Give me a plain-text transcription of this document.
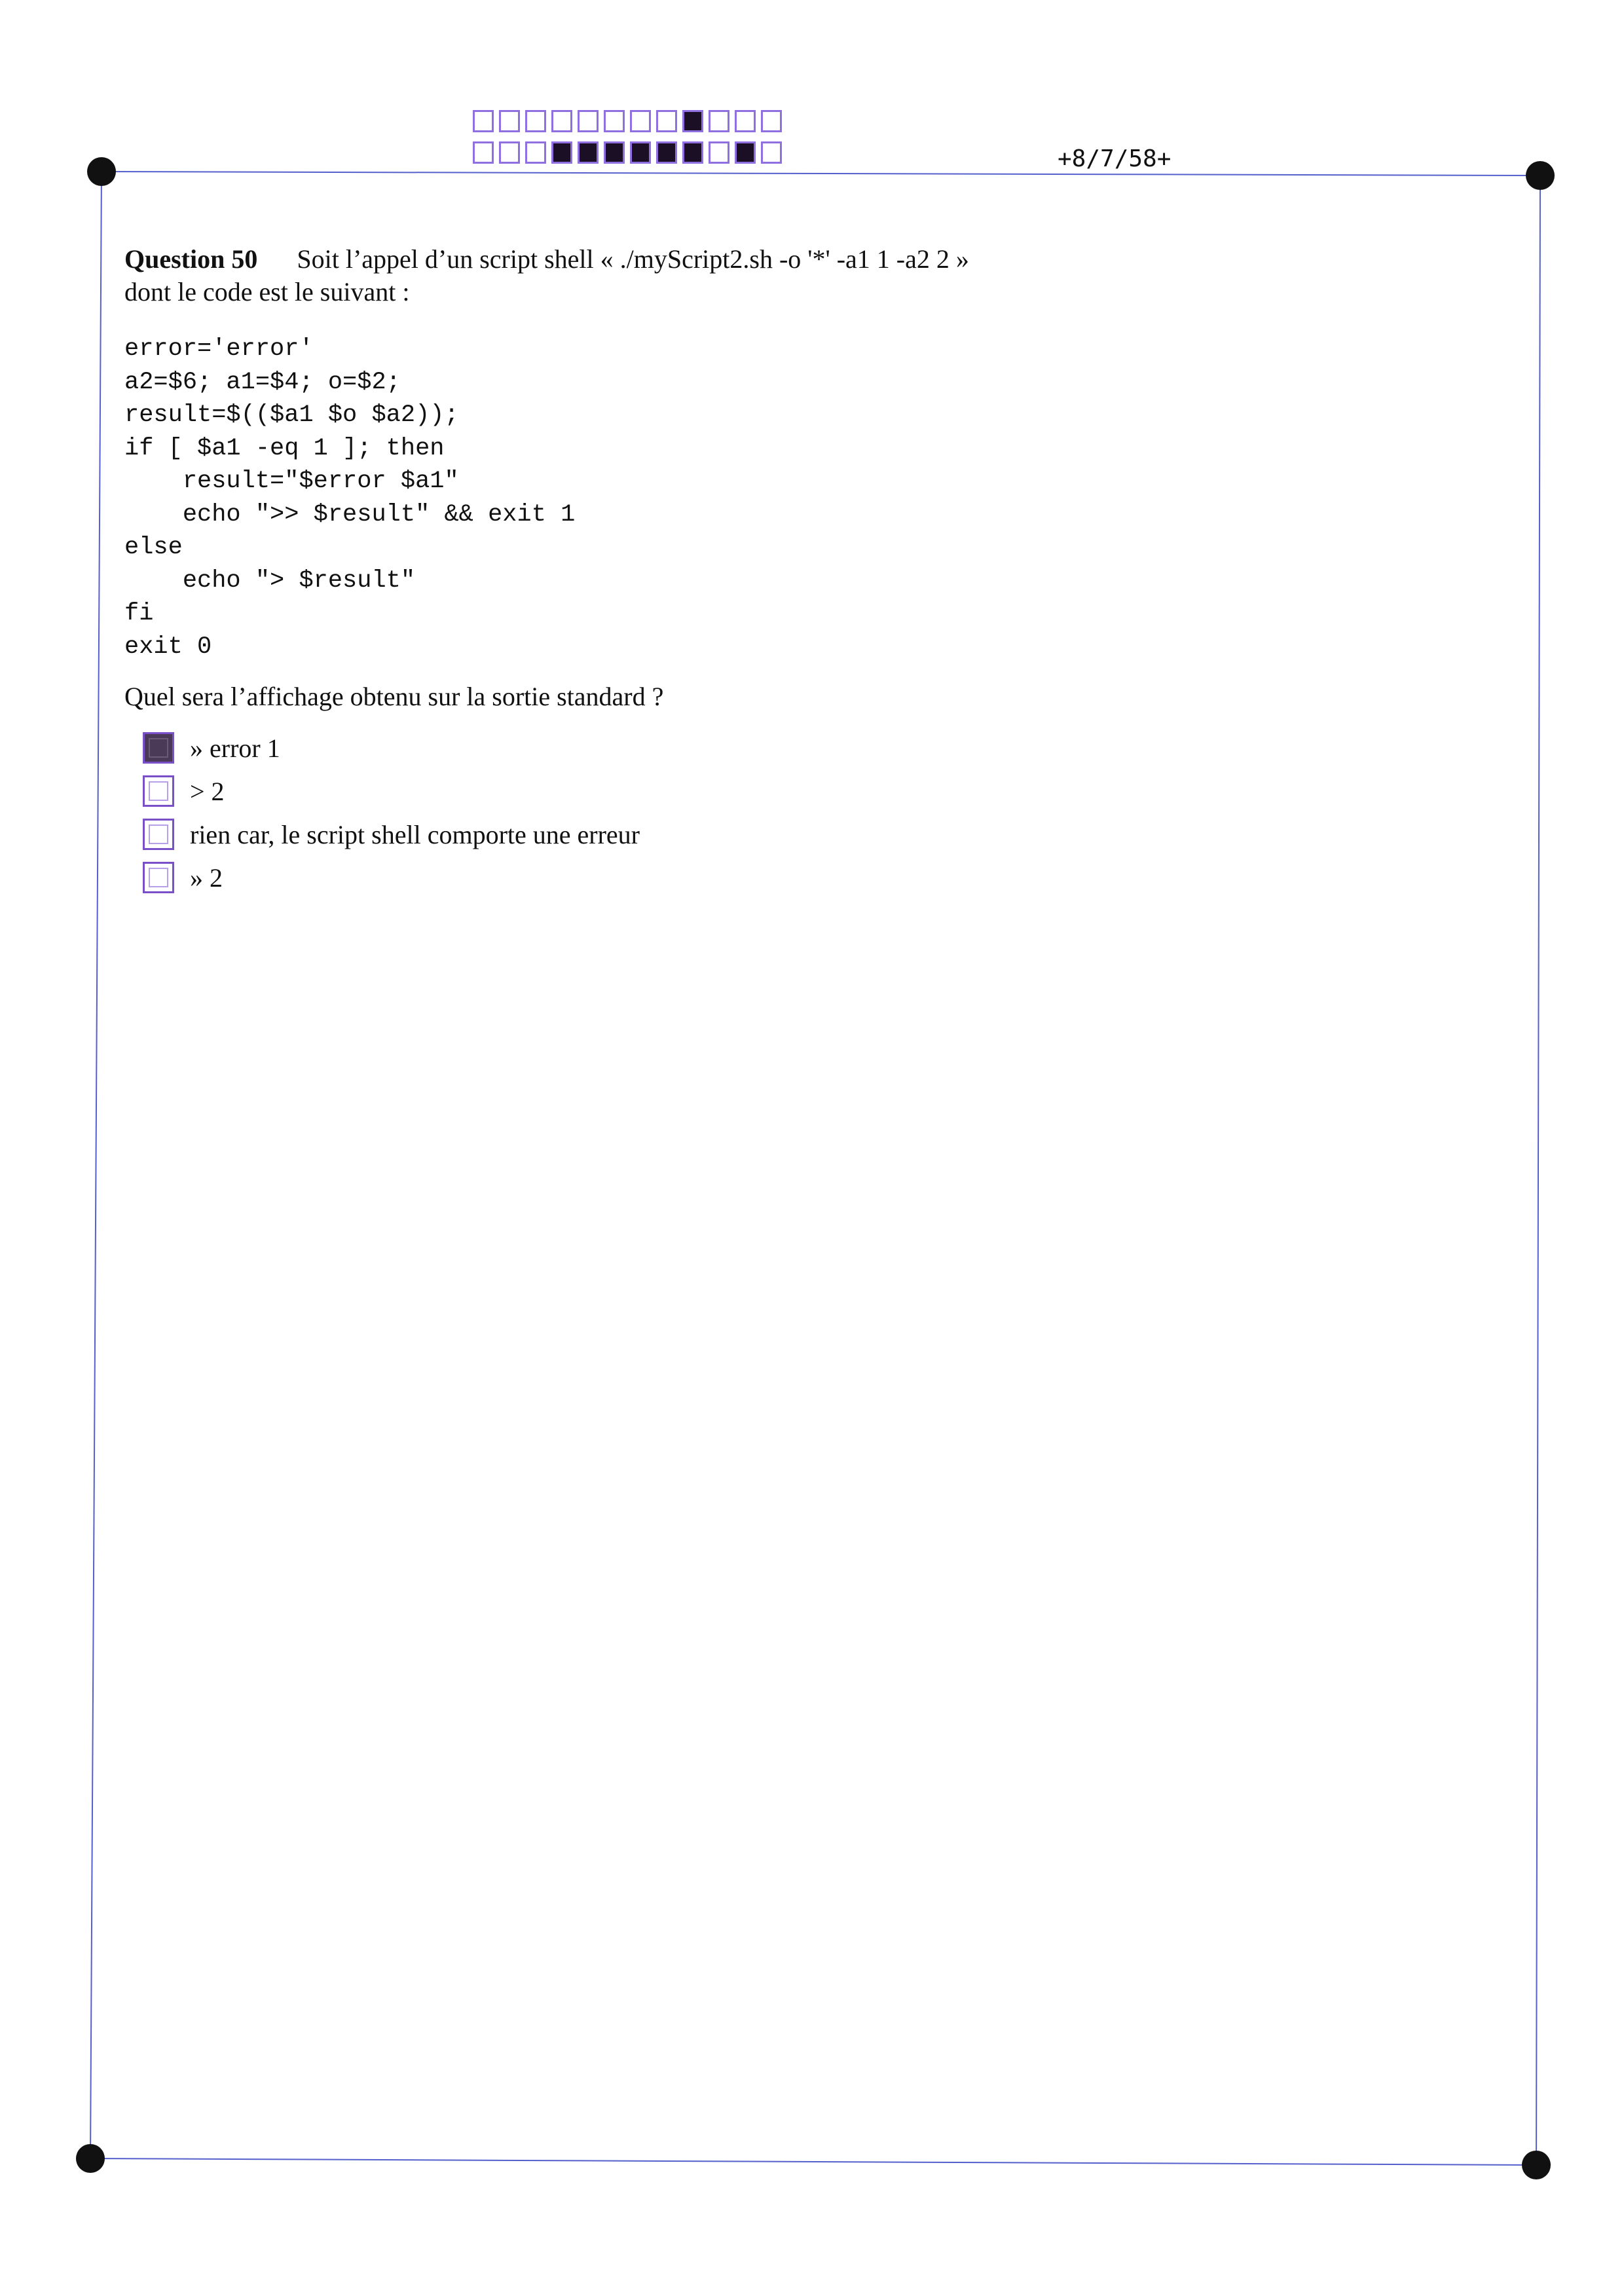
+8/7/58+
Question 50 Soit l’appel d’un script shell « ./myScript2.sh -o '*' -a1 1 -a2 2 »
dont le code est le suivant :
error='error'
a2=$6; a1=$4; o=$2;
result=$(($a1 $o $a2));
if [ $a1 -eq 1 ]; then
result="$error $a1"
echo ">> $result" && exit 1
else
echo "> $result"
fi
exit 0
Quel sera l’affichage obtenu sur la sortie standard ?
» error 1
> 2
rien car, le script shell comporte une erreur
» 2
